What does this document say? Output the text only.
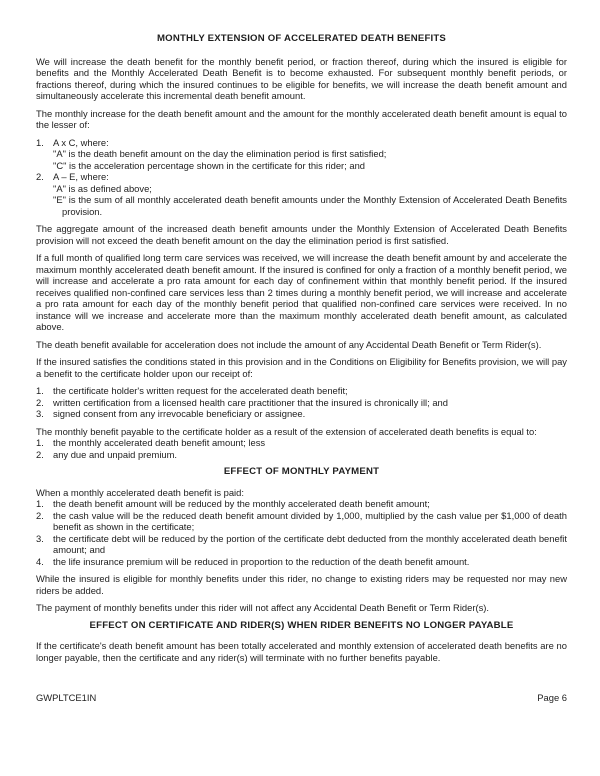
MONTHLY EXTENSION OF ACCELERATED DEATH BENEFITS

We will increase the death benefit for the monthly benefit period, or fraction thereof, during which the insured is eligible for benefits and the Monthly Accelerated Death Benefit is to become exhausted. For subsequent monthly benefit periods, or fractions thereof, during which the insured continues to be eligible for benefits, we will increase the death benefit amount and simultaneously accelerate this incremental death benefit amount.

The monthly increase for the death benefit amount and the amount for the monthly accelerated death benefit amount is equal to the lesser of:

1. A x C, where:
"A" is the death benefit amount on the day the elimination period is first satisfied;
"C" is the acceleration percentage shown in the certificate for this rider; and
2. A – E, where:
"A" is as defined above;
"E" is the sum of all monthly accelerated death benefit amounts under the Monthly Extension of Accelerated Death Benefits provision.

The aggregate amount of the increased death benefit amounts under the Monthly Extension of Accelerated Death Benefits provision will not exceed the death benefit amount on the day the elimination period is first satisfied.

If a full month of qualified long term care services was received, we will increase the death benefit amount by and accelerate the maximum monthly accelerated death benefit amount. If the insured is confined for only a fraction of a monthly benefit period, we will increase and accelerate a pro rata amount for each day of confinement within that monthly benefit period. If the insured receives qualified non-confined care services less than 2 times during a monthly benefit period, we will increase and accelerate a pro rata amount for each day of the monthly benefit period that qualified non-confined care services were received. In no instance will we increase and accelerate more than the maximum monthly accelerated death benefit amount, as calculated above.

The death benefit available for acceleration does not include the amount of any Accidental Death Benefit or Term Rider(s).

If the insured satisfies the conditions stated in this provision and in the Conditions on Eligibility for Benefits provision, we will pay a benefit to the certificate holder upon our receipt of:

1. the certificate holder's written request for the accelerated death benefit;
2. written certification from a licensed health care practitioner that the insured is chronically ill; and
3. signed consent from any irrevocable beneficiary or assignee.

The monthly benefit payable to the certificate holder as a result of the extension of accelerated death benefits is equal to:

1. the monthly accelerated death benefit amount; less
2. any due and unpaid premium.
EFFECT OF MONTHLY PAYMENT

When a monthly accelerated death benefit is paid:

1. the death benefit amount will be reduced by the monthly accelerated death benefit amount;
2. the cash value will be the reduced death benefit amount divided by 1,000, multiplied by the cash value per $1,000 of death benefit as shown in the certificate;
3. the certificate debt will be reduced by the portion of the certificate debt deducted from the monthly accelerated death benefit amount; and
4. the life insurance premium will be reduced in proportion to the reduction of the death benefit amount.

While the insured is eligible for monthly benefits under this rider, no change to existing riders may be requested nor may new riders be added.

The payment of monthly benefits under this rider will not affect any Accidental Death Benefit or Term Rider(s).

EFFECT ON CERTIFICATE AND RIDER(S) WHEN RIDER BENEFITS NO LONGER PAYABLE

If the certificate's death benefit amount has been totally accelerated and monthly extension of accelerated death benefits are no longer payable, then the certificate and any rider(s) will terminate with no further benefits payable.

GWPLTCE1IN	Page 6
